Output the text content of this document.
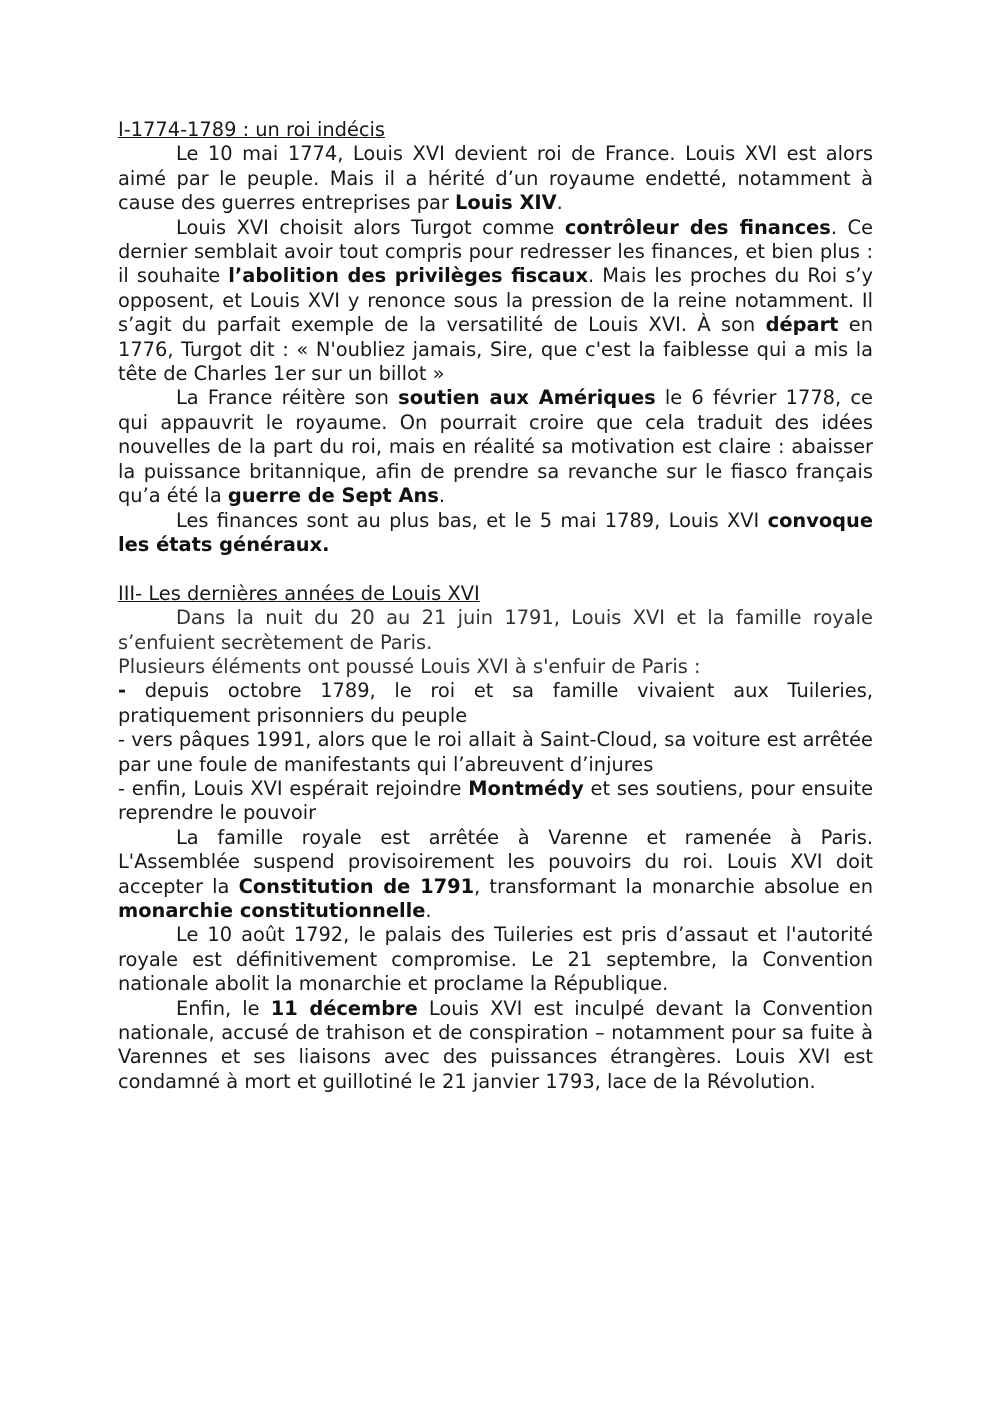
I-1774-1789 : un roi indécis

Le 10 mai 1774, Louis XVI devient roi de France. Louis XVI est alors aimé par le peuple. Mais il a hérité d’un royaume endetté, notamment à cause des guerres entreprises par Louis XIV.

Louis XVI choisit alors Turgot comme contrôleur des finances. Ce dernier semblait avoir tout compris pour redresser les finances, et bien plus : il souhaite l’abolition des privilèges fiscaux. Mais les proches du Roi s’y opposent, et Louis XVI y renonce sous la pression de la reine notamment. Il s’agit du parfait exemple de la versatilité de Louis XVI. À son départ en 1776, Turgot dit : « N'oubliez jamais, Sire, que c'est la faiblesse qui a mis la tête de Charles 1er sur un billot »

La France réitère son soutien aux Amériques le 6 février 1778, ce qui appauvrit le royaume. On pourrait croire que cela traduit des idées nouvelles de la part du roi, mais en réalité sa motivation est claire : abaisser la puissance britannique, afin de prendre sa revanche sur le fiasco français qu’a été la guerre de Sept Ans.

Les finances sont au plus bas, et le 5 mai 1789, Louis XVI convoque les états généraux.

III- Les dernières années de Louis XVI

Dans la nuit du 20 au 21 juin 1791, Louis XVI et la famille royale s’enfuient secrètement de Paris.

Plusieurs éléments ont poussé Louis XVI à s'enfuir de Paris :

- depuis octobre 1789, le roi et sa famille vivaient aux Tuileries, pratiquement prisonniers du peuple

- vers pâques 1991, alors que le roi allait à Saint-Cloud, sa voiture est arrêtée par une foule de manifestants qui l’abreuvent d’injures

- enfin, Louis XVI espérait rejoindre Montmédy et ses soutiens, pour ensuite reprendre le pouvoir

La famille royale est arrêtée à Varenne et ramenée à Paris. L'Assemblée suspend provisoirement les pouvoirs du roi. Louis XVI doit accepter la Constitution de 1791, transformant la monarchie absolue en monarchie constitutionnelle.

Le 10 août 1792, le palais des Tuileries est pris d’assaut et l'autorité royale est définitivement compromise. Le 21 septembre, la Convention nationale abolit la monarchie et proclame la République.

Enfin, le 11 décembre Louis XVI est inculpé devant la Convention nationale, accusé de trahison et de conspiration – notamment pour sa fuite à Varennes et ses liaisons avec des puissances étrangères. Louis XVI est condamné à mort et guillotiné le 21 janvier 1793, lace de la Révolution.
